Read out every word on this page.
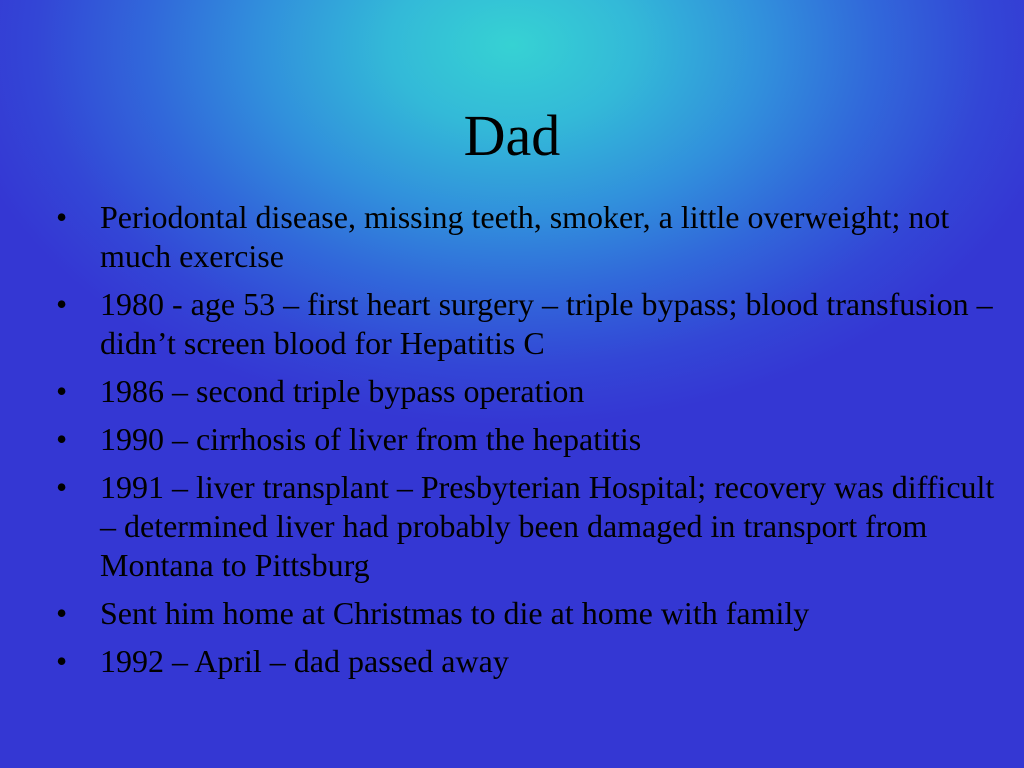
Dad
•	Periodontal disease, missing teeth, smoker, a little overweight; not much exercise
•	1980 - age 53 – first heart surgery – triple bypass; blood transfusion – didn’t screen blood for Hepatitis C
•	1986 – second triple bypass operation
•	1990 – cirrhosis of liver from the hepatitis
•	1991 – liver transplant – Presbyterian Hospital; recovery was difficult – determined liver had probably been damaged in transport from Montana to Pittsburg
•	Sent him home at Christmas to die at home with family
•	1992 – April – dad passed away
